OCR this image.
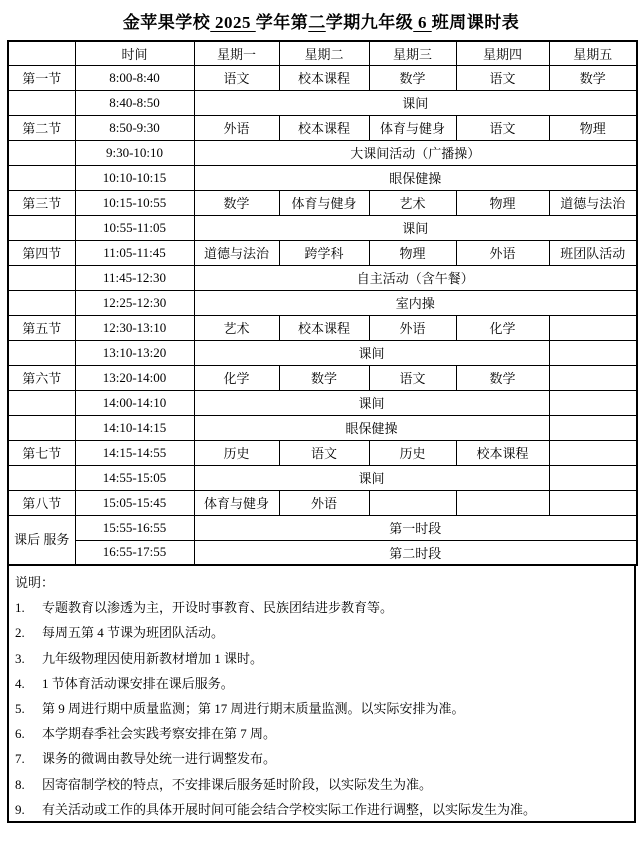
金苹果学校 2025 学年第二学期九年级 6 班周课时表
	时间	星期一	星期二	星期三	星期四	星期五
第一节	8:00-8:40	语文	校本课程	数学	语文	数学
	8:40-8:50	课间				
第二节	8:50-9:30	外语	校本课程	体育与健身	语文	物理
	9:30-10:10	大课间活动（广播操）				
	10:10-10:15	眼保健操				
第三节	10:15-10:55	数学	体育与健身	艺术	物理	道德与法治
	10:55-11:05	课间				
第四节	11:05-11:45	道德与法治	跨学科	物理	外语	班团队活动
	11:45-12:30	自主活动（含午餐）				
	12:25-12:30	室内操				
第五节	12:30-13:10	艺术	校本课程	外语	化学	
	13:10-13:20	课间				
第六节	13:20-14:00	化学	数学	语文	数学	
	14:00-14:10	课间				
	14:10-14:15	眼保健操				
第七节	14:15-14:55	历史	语文	历史	校本课程	
	14:55-15:05	课间				
第八节	15:05-15:45	体育与健身	外语			
课后 服务	15:55-16:55	第一时段				
	16:55-17:55	第二时段				
说明：
1. 专题教育以渗透为主，开设时事教育、民族团结进步教育等。
2. 每周五第 4 节课为班团队活动。
3. 九年级物理因使用新教材增加 1 课时。
4. 1 节体育活动课安排在课后服务。
5. 第 9 周进行期中质量监测；第 17 周进行期末质量监测。以实际安排为准。
6. 本学期春季社会实践考察安排在第 7 周。
7. 课务的微调由教导处统一进行调整发布。
8. 因寄宿制学校的特点，不安排课后服务延时阶段，以实际发生为准。
9. 有关活动或工作的具体开展时间可能会结合学校实际工作进行调整，以实际发生为准。
